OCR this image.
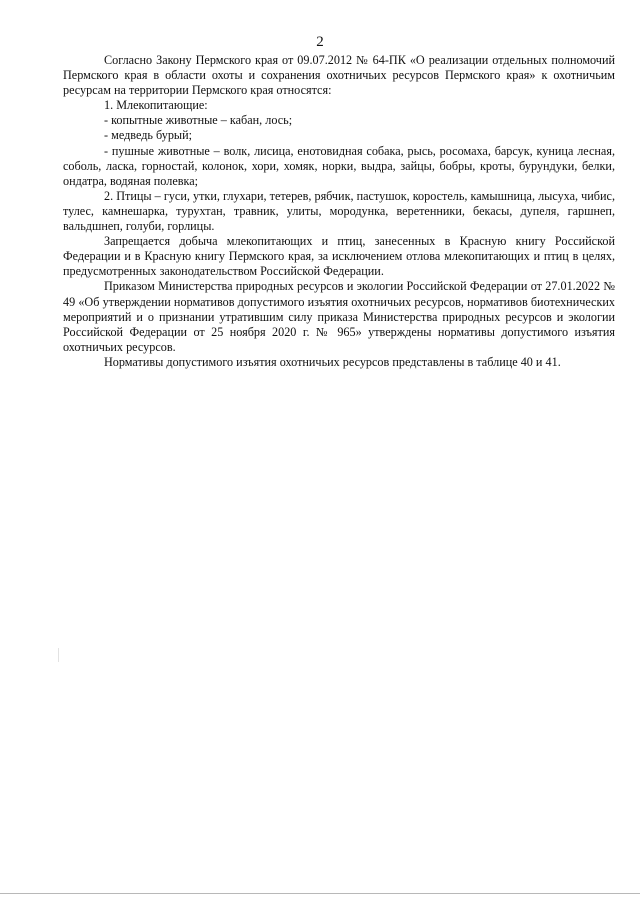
2

Согласно Закону Пермского края от 09.07.2012 № 64-ПК «О реализации отдельных полномочий Пермского края в области охоты и сохранения охотничьих ресурсов Пермского края» к охотничьим ресурсам на территории Пермского края относятся:

1. Млекопитающие:

- копытные животные – кабан, лось;

- медведь бурый;

- пушные животные – волк, лисица, енотовидная собака, рысь, росомаха, барсук, куница лесная, соболь, ласка, горностай, колонок, хори, хомяк, норки, выдра, зайцы, бобры, кроты, бурундуки, белки, ондатра, водяная полевка;

2. Птицы – гуси, утки, глухари, тетерев, рябчик, пастушок, коростель, камышница, лысуха, чибис, тулес, камнешарка, турухтан, травник, улиты, мородунка, веретенники, бекасы, дупеля, гаршнеп, вальдшнеп, голуби, горлицы.

Запрещается добыча млекопитающих и птиц, занесенных в Красную книгу Российской Федерации и в Красную книгу Пермского края, за исключением отлова млекопитающих и птиц в целях, предусмотренных законодательством Российской Федерации.

Приказом Министерства природных ресурсов и экологии Российской Федерации от 27.01.2022 № 49 «Об утверждении нормативов допустимого изъятия охотничьих ресурсов, нормативов биотехнических мероприятий и о признании утратившим силу приказа Министерства природных ресурсов и экологии Российской Федерации от 25 ноября 2020 г. № 965» утверждены нормативы допустимого изъятия охотничьих ресурсов.

Нормативы допустимого изъятия охотничьих ресурсов представлены в таблице 40 и 41.
